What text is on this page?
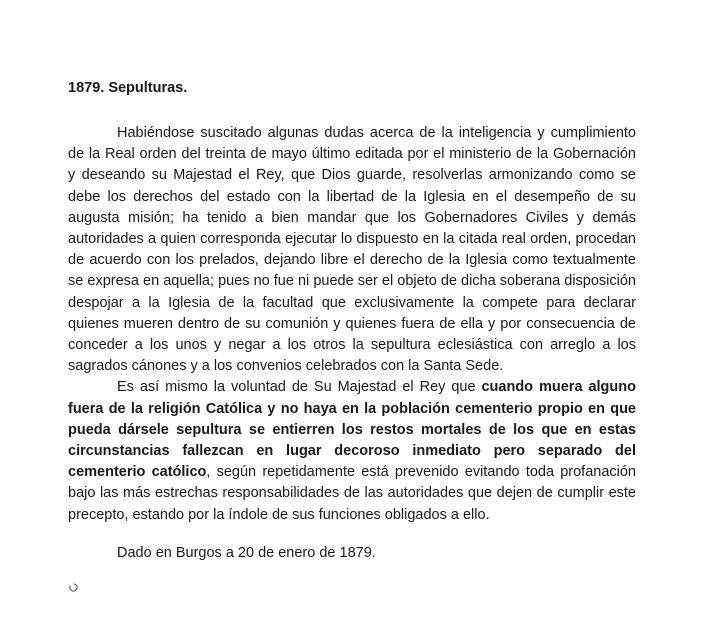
1879. Sepulturas.

Habiéndose suscitado algunas dudas acerca de la inteligencia y cumplimiento de la Real orden del treinta de mayo último editada por el ministerio de la Gobernación y deseando su Majestad el Rey, que Dios guarde, resolverlas armonizando como se debe los derechos del estado con la libertad de la Iglesia en el desempeño de su augusta misión; ha tenido a bien mandar que los Gobernadores Civiles y demás autoridades a quien corresponda ejecutar lo dispuesto en la citada real orden, procedan de acuerdo con los prelados, dejando libre el derecho de la Iglesia como textualmente se expresa en aquella; pues no fue ni puede ser el objeto de dicha soberana disposición despojar a la Iglesia de la facultad que exclusivamente la compete para declarar quienes mueren dentro de su comunión y quienes fuera de ella y por consecuencia de conceder a los unos y negar a los otros la sepultura eclesiástica con arreglo a los sagrados cánones y a los convenios celebrados con la Santa Sede.

Es así mismo la voluntad de Su Majestad el Rey que cuando muera alguno fuera de la religión Católica y no haya en la población cementerio propio en que pueda dársele sepultura se entierren los restos mortales de los que en estas circunstancias fallezcan en lugar decoroso inmediato pero separado del cementerio católico, según repetidamente está prevenido evitando toda profanación bajo las más estrechas responsabilidades de las autoridades que dejen de cumplir este precepto, estando por la índole de sus funciones obligados a ello.

Dado en Burgos a 20 de enero de 1879.
